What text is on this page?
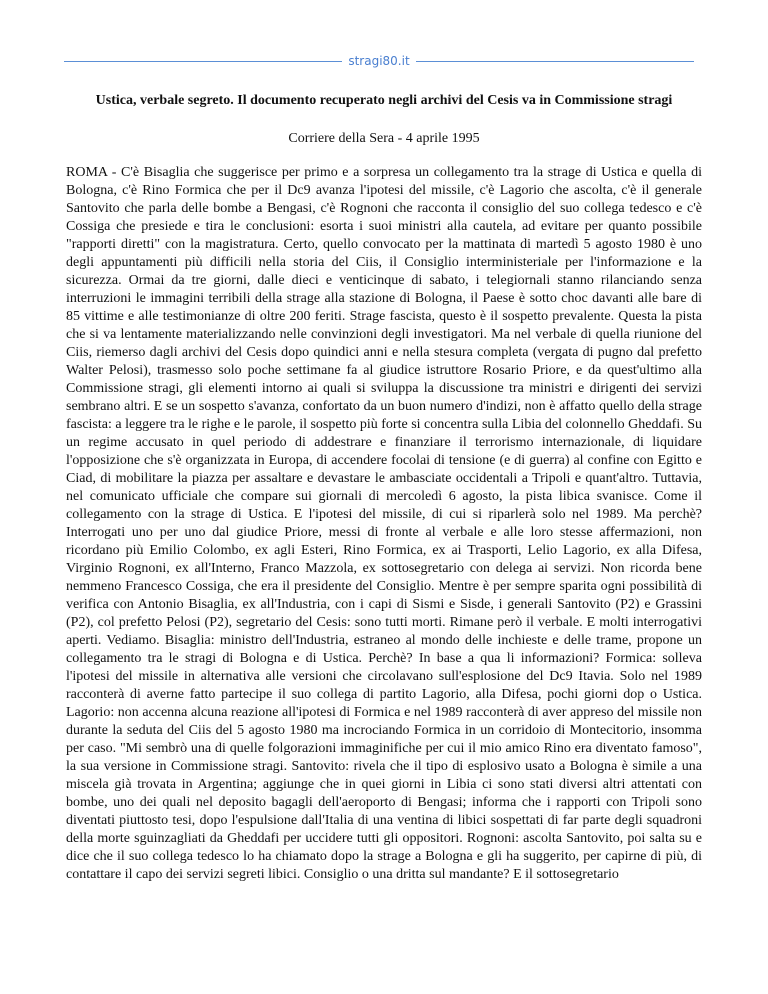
stragi80.it

Ustica, verbale segreto. Il documento recuperato negli archivi del Cesis va in Commissione stragi

Corriere della Sera - 4 aprile 1995

ROMA - C'è Bisaglia che suggerisce per primo e a sorpresa un collegamento tra la strage di Ustica e quella di Bologna, c'è Rino Formica che per il Dc9 avanza l'ipotesi del missile, c'è Lagorio che ascolta, c'è il generale Santovito che parla delle bombe a Bengasi, c'è Rognoni che racconta il consiglio del suo collega tedesco e c'è Cossiga che presiede e tira le conclusioni: esorta i suoi ministri alla cautela, ad evitare per quanto possibile "rapporti diretti" con la magistratura. Certo, quello convocato per la mattinata di martedì 5 agosto 1980 è uno degli appuntamenti più difficili nella storia del Ciis, il Consiglio interministeriale per l'informazione e la sicurezza. Ormai da tre giorni, dalle dieci e venticinque di sabato, i telegiornali stanno rilanciando senza interruzioni le immagini terribili della strage alla stazione di Bologna, il Paese è sotto choc davanti alle bare di 85 vittime e alle testimonianze di oltre 200 feriti. Strage fascista, questo è il sospetto prevalente. Questa la pista che si va lentamente materializzando nelle convinzioni degli investigatori. Ma nel verbale di quella riunione del Ciis, riemerso dagli archivi del Cesis dopo quindici anni e nella stesura completa (vergata di pugno dal prefetto Walter Pelosi), trasmesso solo poche settimane fa al giudice istruttore Rosario Priore, e da quest'ultimo alla Commissione stragi, gli elementi intorno ai quali si sviluppa la discussione tra ministri e dirigenti dei servizi sembrano altri. E se un sospetto s'avanza, confortato da un buon numero d'indizi, non è affatto quello della strage fascista: a leggere tra le righe e le parole, il sospetto più forte si concentra sulla Libia del colonnello Gheddafi. Su un regime accusato in quel periodo di addestrare e finanziare il terrorismo internazionale, di liquidare l'opposizione che s'è organizzata in Europa, di accendere focolai di tensione (e di guerra) al confine con Egitto e Ciad, di mobilitare la piazza per assaltare e devastare le ambasciate occidentali a Tripoli e quant'altro. Tuttavia, nel comunicato ufficiale che compare sui giornali di mercoledì 6 agosto, la pista libica svanisce. Come il collegamento con la strage di Ustica. E l'ipotesi del missile, di cui si riparlerà solo nel 1989. Ma perchè? Interrogati uno per uno dal giudice Priore, messi di fronte al verbale e alle loro stesse affermazioni, non ricordano più Emilio Colombo, ex agli Esteri, Rino Formica, ex ai Trasporti, Lelio Lagorio, ex alla Difesa, Virginio Rognoni, ex all'Interno, Franco Mazzola, ex sottosegretario con delega ai servizi. Non ricorda bene nemmeno Francesco Cossiga, che era il presidente del Consiglio. Mentre è per sempre sparita ogni possibilità di verifica con Antonio Bisaglia, ex all'Industria, con i capi di Sismi e Sisde, i generali Santovito (P2) e Grassini (P2), col prefetto Pelosi (P2), segretario del Cesis: sono tutti morti. Rimane però il verbale. E molti interrogativi aperti. Vediamo. Bisaglia: ministro dell'Industria, estraneo al mondo delle inchieste e delle trame, propone un collegamento tra le stragi di Bologna e di Ustica. Perchè? In base a qua li informazioni? Formica: solleva l'ipotesi del missile in alternativa alle versioni che circolavano sull'esplosione del Dc9 Itavia. Solo nel 1989 racconterà di averne fatto partecipe il suo collega di partito Lagorio, alla Difesa, pochi giorni dop o Ustica. Lagorio: non accenna alcuna reazione all'ipotesi di Formica e nel 1989 racconterà di aver appreso del missile non durante la seduta del Ciis del 5 agosto 1980 ma incrociando Formica in un corridoio di Montecitorio, insomma per caso. "Mi sembrò una di quelle folgorazioni immaginifiche per cui il mio amico Rino era diventato famoso", la sua versione in Commissione stragi. Santovito: rivela che il tipo di esplosivo usato a Bologna è simile a una miscela già trovata in Argentina; aggiunge che in quei giorni in Libia ci sono stati diversi altri attentati con bombe, uno dei quali nel deposito bagagli dell'aeroporto di Bengasi; informa che i rapporti con Tripoli sono diventati piuttosto tesi, dopo l'espulsione dall'Italia di una ventina di libici sospettati di far parte degli squadroni della morte sguinzagliati da Gheddafi per uccidere tutti gli oppositori. Rognoni: ascolta Santovito, poi salta su e dice che il suo collega tedesco lo ha chiamato dopo la strage a Bologna e gli ha suggerito, per capirne di più, di contattare il capo dei servizi segreti libici. Consiglio o una dritta sul mandante? E il sottosegretario
